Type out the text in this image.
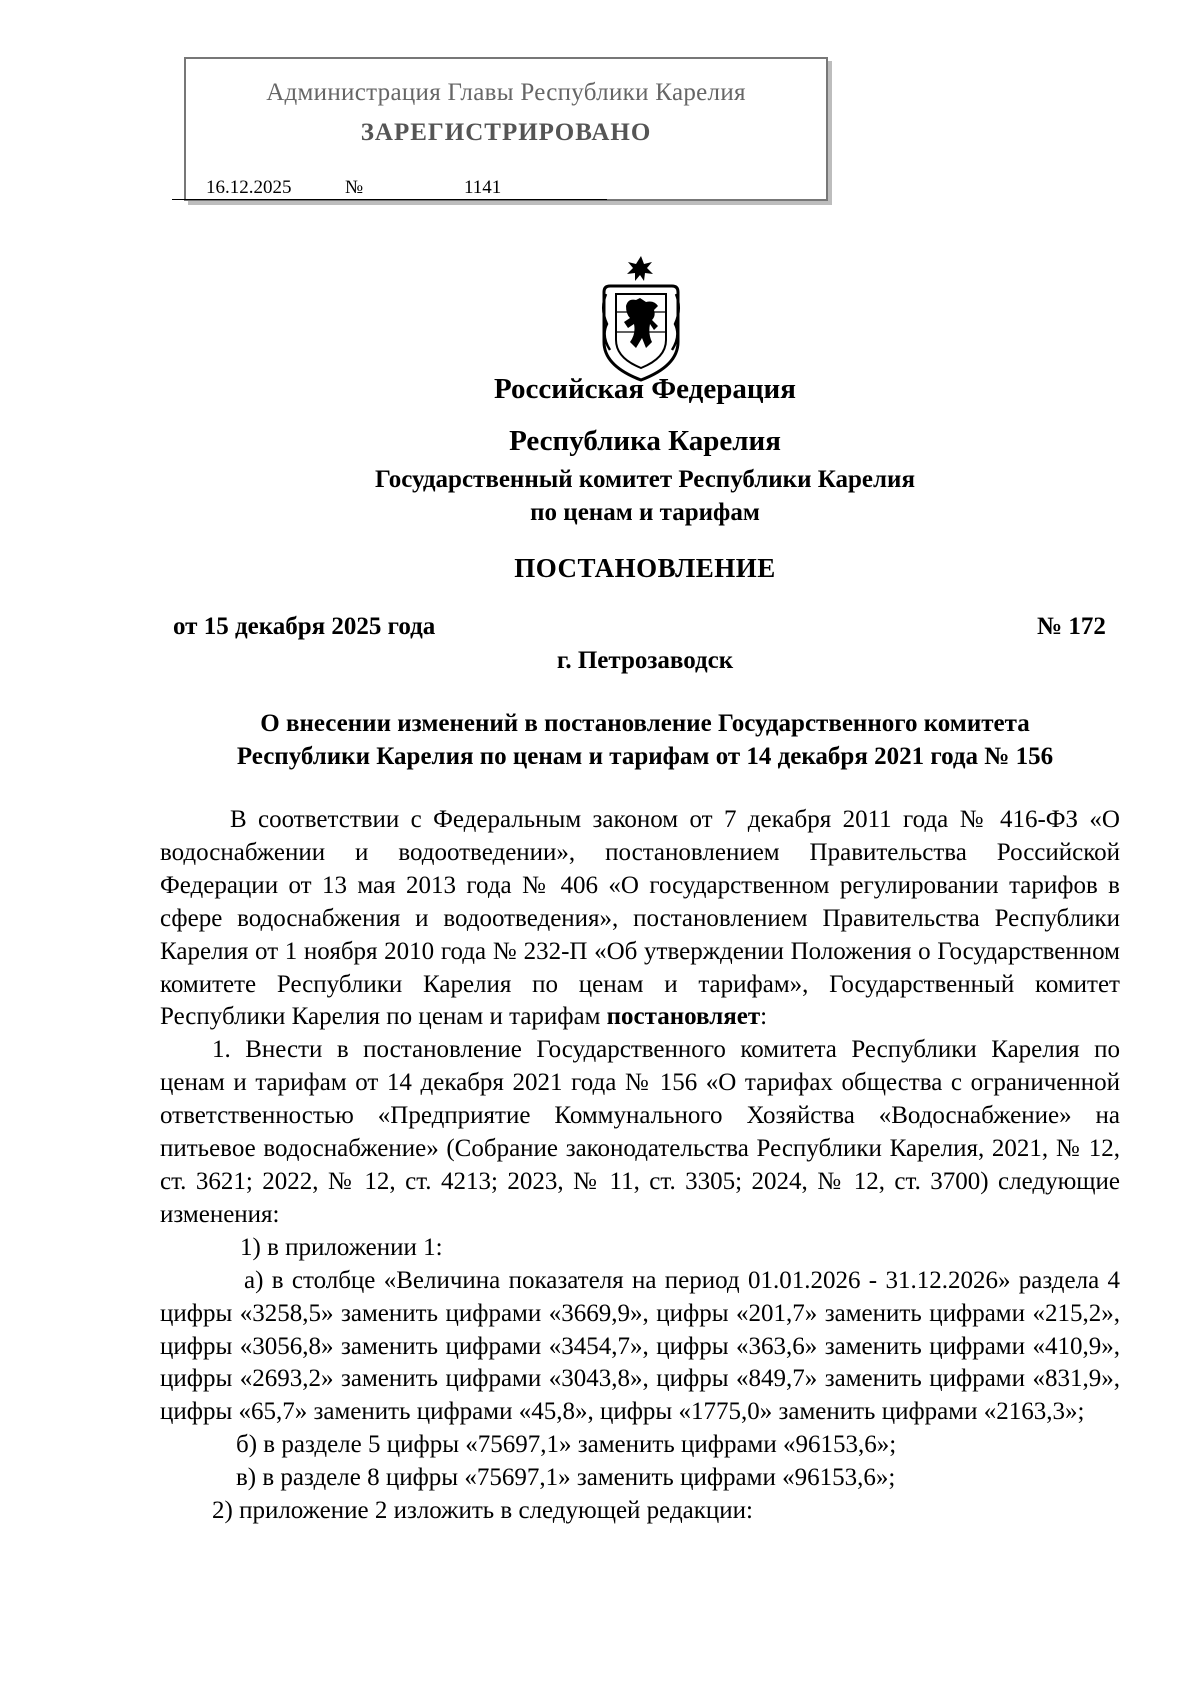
Администрация Главы Республики Карелия
ЗАРЕГИСТРИРОВАНО
16.12.2025	№	1141
Российская Федерация
Республика Карелия
Государственный комитет Республики Карелия
по ценам и тарифам
ПОСТАНОВЛЕНИЕ
от 15 декабря 2025 года	№ 172
г. Петрозаводск
О внесении изменений в постановление Государственного комитета
Республики Карелия по ценам и тарифам от 14 декабря 2021 года № 156

В соответствии с Федеральным законом от 7 декабря 2011 года № 416-ФЗ «О водоснабжении и водоотведении», постановлением Правительства Российской Федерации от 13 мая 2013 года № 406 «О государственном регулировании тарифов в сфере водоснабжения и водоотведения», постановлением Правительства Республики Карелия от 1 ноября 2010 года № 232-П «Об утверждении Положения о Государственном комитете Республики Карелия по ценам и тарифам», Государственный комитет Республики Карелия по ценам и тарифам постановляет:

1. Внести в постановление Государственного комитета Республики Карелия по ценам и тарифам от 14 декабря 2021 года № 156 «О тарифах общества с ограниченной ответственностью «Предприятие Коммунального Хозяйства «Водоснабжение» на питьевое водоснабжение» (Собрание законодательства Республики Карелия, 2021, № 12, ст. 3621; 2022, № 12, ст. 4213; 2023, № 11, ст. 3305; 2024, № 12, ст. 3700) следующие изменения:

1) в приложении 1:

а) в столбце «Величина показателя на период 01.01.2026 - 31.12.2026» раздела 4 цифры «3258,5» заменить цифрами «3669,9», цифры «201,7» заменить цифрами «215,2», цифры «3056,8» заменить цифрами «3454,7», цифры «363,6» заменить цифрами «410,9», цифры «2693,2» заменить цифрами «3043,8», цифры «849,7» заменить цифрами «831,9», цифры «65,7» заменить цифрами «45,8», цифры «1775,0» заменить цифрами «2163,3»;

б) в разделе 5 цифры «75697,1» заменить цифрами «96153,6»;

в) в разделе 8 цифры «75697,1» заменить цифрами «96153,6»;

2) приложение 2 изложить в следующей редакции:
